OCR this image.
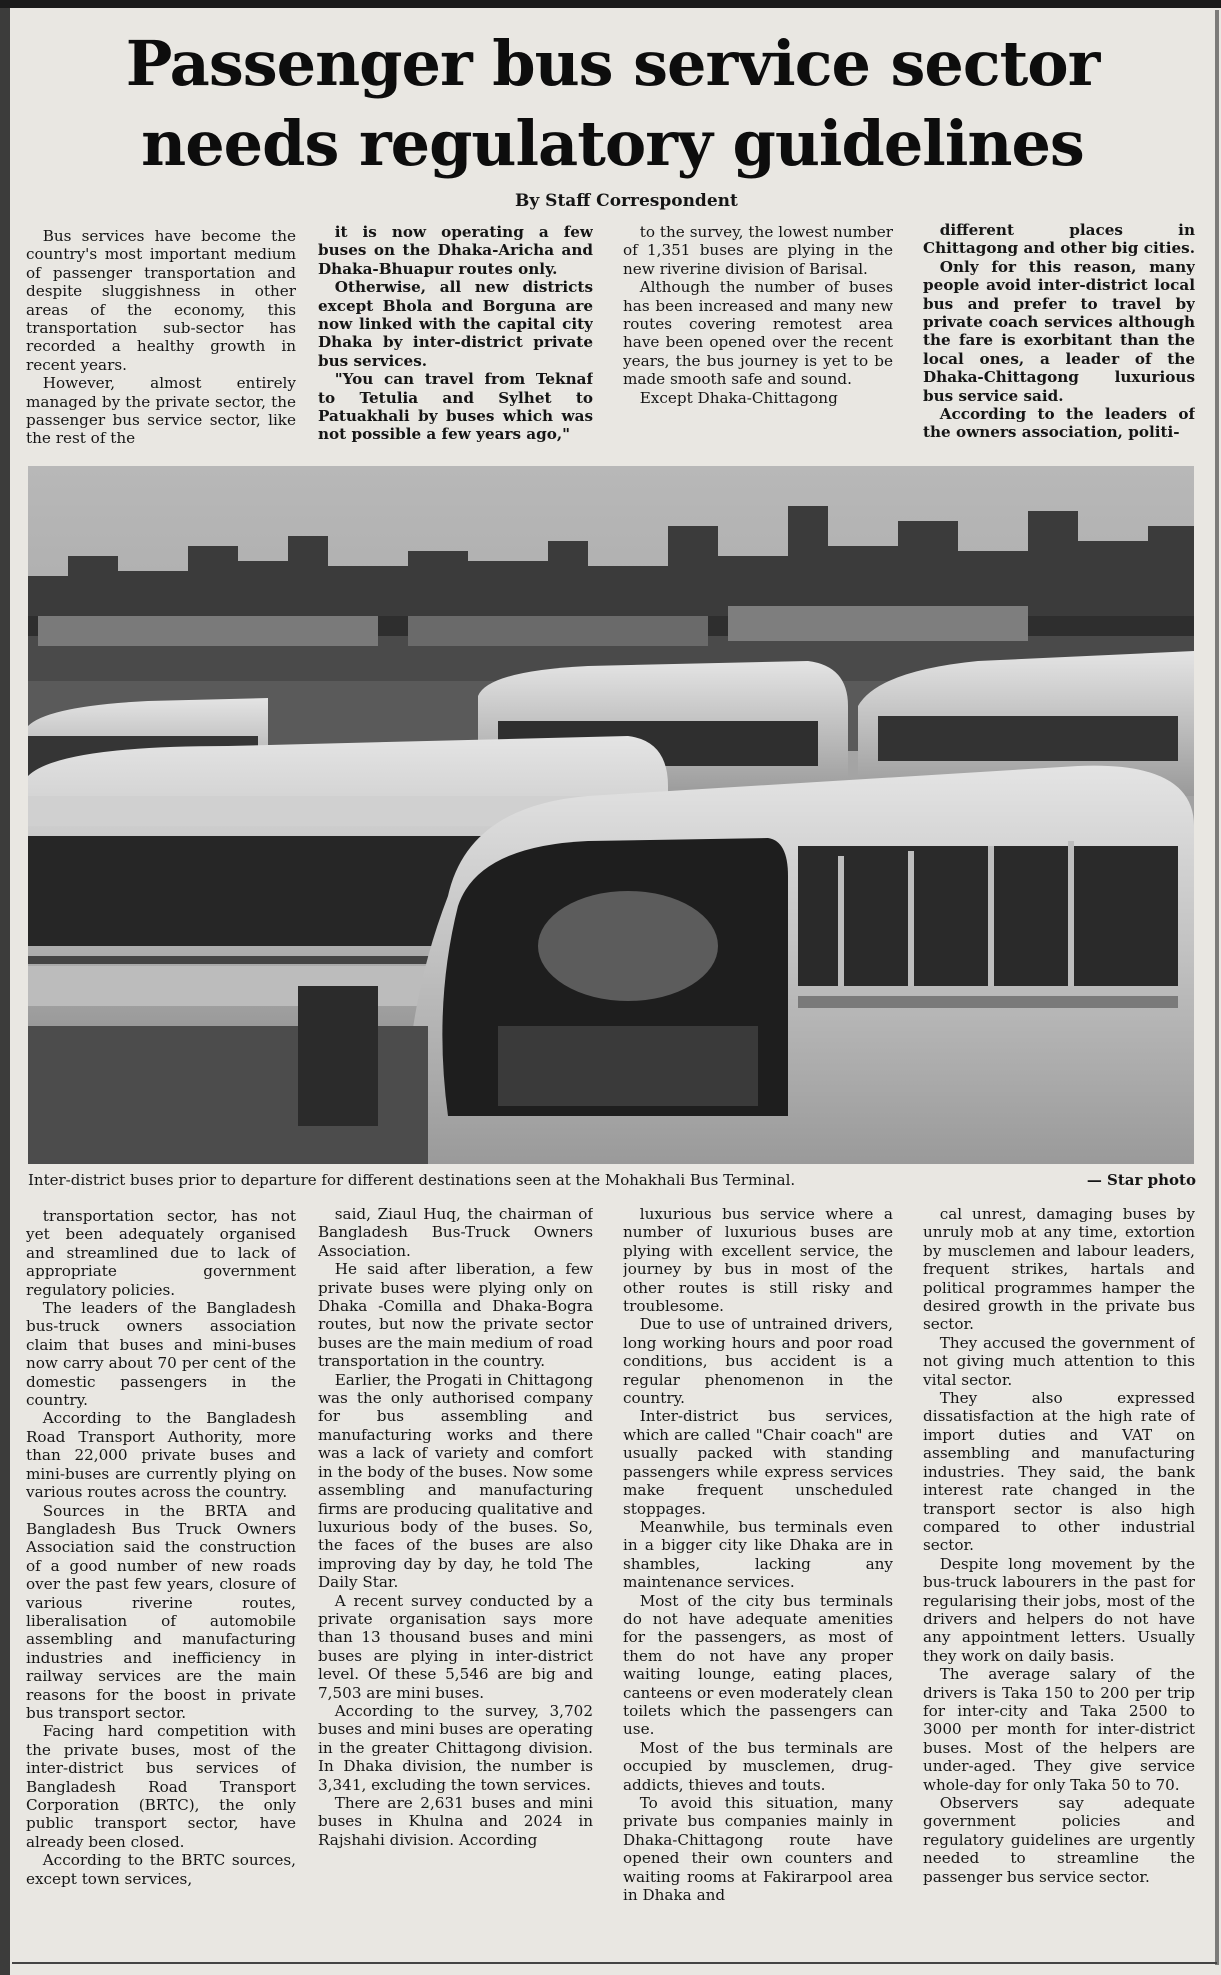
Passenger bus service sector needs regulatory guidelines
By Staff Correspondent

Bus services have become the country's most important medium of passenger transportation and despite sluggishness in other areas of the economy, this transportation sub-sector has recorded a healthy growth in recent years.

However, almost entirely managed by the private sector, the passenger bus service sector, like the rest of the

it is now operating a few buses on the Dhaka-Aricha and Dhaka-Bhuapur routes only.

Otherwise, all new districts except Bhola and Borguna are now linked with the capital city Dhaka by inter-district private bus services.

"You can travel from Teknaf to Tetulia and Sylhet to Patuakhali by buses which was not possible a few years ago,"

to the survey, the lowest number of 1,351 buses are plying in the new riverine division of Barisal.

Although the number of buses has been increased and many new routes covering remotest area have been opened over the recent years, the bus journey is yet to be made smooth safe and sound.

Except Dhaka-Chittagong

different places in Chittagong and other big cities.

Only for this reason, many people avoid inter-district local bus and prefer to travel by private coach services although the fare is exorbitant than the local ones, a leader of the Dhaka-Chittagong luxurious bus service said.

According to the leaders of the owners association, politi-

Inter-district buses prior to departure for different destinations seen at the Mohakhali Bus Terminal.	— Star photo

transportation sector, has not yet been adequately organised and streamlined due to lack of appropriate government regulatory policies.

The leaders of the Bangladesh bus-truck owners association claim that buses and mini-buses now carry about 70 per cent of the domestic passengers in the country.

According to the Bangladesh Road Transport Authority, more than 22,000 private buses and mini-buses are currently plying on various routes across the country.

Sources in the BRTA and Bangladesh Bus Truck Owners Association said the construction of a good number of new roads over the past few years, closure of various riverine routes, liberalisation of automobile assembling and manufacturing industries and inefficiency in railway services are the main reasons for the boost in private bus transport sector.

Facing hard competition with the private buses, most of the inter-district bus services of Bangladesh Road Transport Corporation (BRTC), the only public transport sector, have already been closed.

According to the BRTC sources, except town services,

said, Ziaul Huq, the chairman of Bangladesh Bus-Truck Owners Association.

He said after liberation, a few private buses were plying only on Dhaka -Comilla and Dhaka-Bogra routes, but now the private sector buses are the main medium of road transportation in the country.

Earlier, the Progati in Chittagong was the only authorised company for bus assembling and manufacturing works and there was a lack of variety and comfort in the body of the buses. Now some assembling and manufacturing firms are producing qualitative and luxurious body of the buses. So, the faces of the buses are also improving day by day, he told The Daily Star.

A recent survey conducted by a private organisation says more than 13 thousand buses and mini buses are plying in inter-district level. Of these 5,546 are big and 7,503 are mini buses.

According to the survey, 3,702 buses and mini buses are operating in the greater Chittagong division. In Dhaka division, the number is 3,341, excluding the town services.

There are 2,631 buses and mini buses in Khulna and 2024 in Rajshahi division. According

luxurious bus service where a number of luxurious buses are plying with excellent service, the journey by bus in most of the other routes is still risky and troublesome.

Due to use of untrained drivers, long working hours and poor road conditions, bus accident is a regular phenomenon in the country.

Inter-district bus services, which are called "Chair coach" are usually packed with standing passengers while express services make frequent unscheduled stoppages.

Meanwhile, bus terminals even in a bigger city like Dhaka are in shambles, lacking any maintenance services.

Most of the city bus terminals do not have adequate amenities for the passengers, as most of them do not have any proper waiting lounge, eating places, canteens or even moderately clean toilets which the passengers can use.

Most of the bus terminals are occupied by musclemen, drug-addicts, thieves and touts.

To avoid this situation, many private bus companies mainly in Dhaka-Chittagong route have opened their own counters and waiting rooms at Fakirarpool area in Dhaka and

cal unrest, damaging buses by unruly mob at any time, extortion by musclemen and labour leaders, frequent strikes, hartals and political programmes hamper the desired growth in the private bus sector.

They accused the government of not giving much attention to this vital sector.

They also expressed dissatisfaction at the high rate of import duties and VAT on assembling and manufacturing industries. They said, the bank interest rate changed in the transport sector is also high compared to other industrial sector.

Despite long movement by the bus-truck labourers in the past for regularising their jobs, most of the drivers and helpers do not have any appointment letters. Usually they work on daily basis.

The average salary of the drivers is Taka 150 to 200 per trip for inter-city and Taka 2500 to 3000 per month for inter-district buses. Most of the helpers are under-aged. They give service whole-day for only Taka 50 to 70.

Observers say adequate government policies and regulatory guidelines are urgently needed to streamline the passenger bus service sector.
